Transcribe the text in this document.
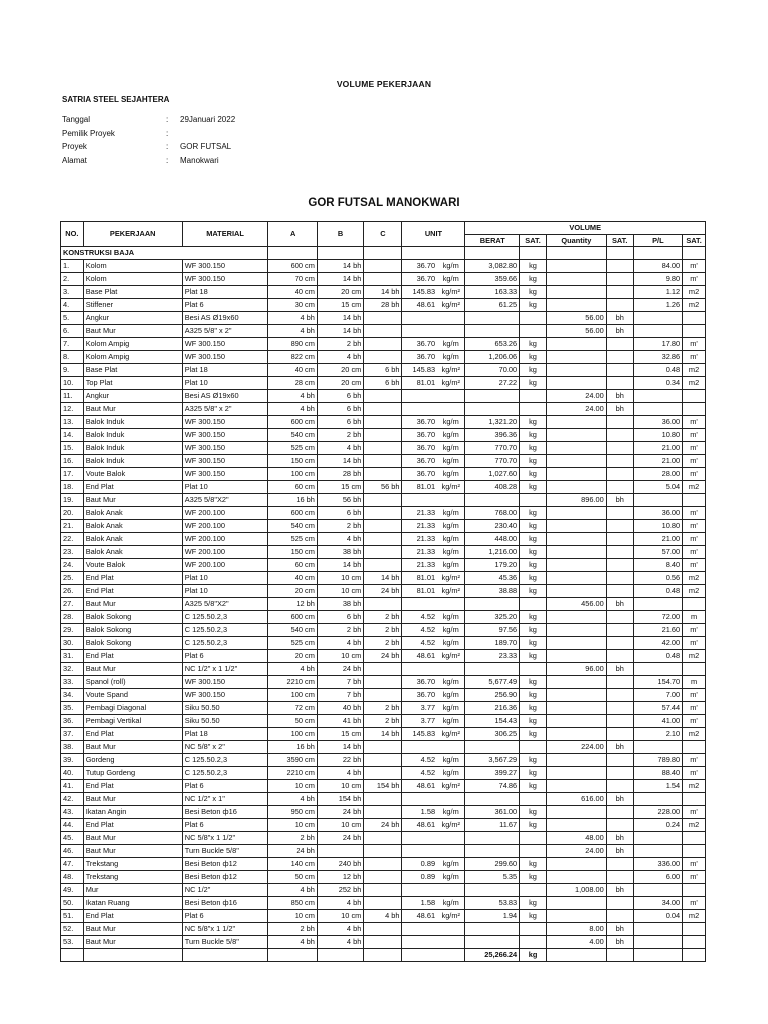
VOLUME PEKERJAAN
SATRIA STEEL SEJAHTERA
Tanggal	:	29Januari 2022
Pemilik Proyek	:
Proyek	:	GOR FUTSAL
Alamat	:	Manokwari
GOR FUTSAL MANOKWARI
NO.	PEKERJAAN	MATERIAL	A	B	C	UNIT		VOLUME					
								BERAT	SAT.	Quantity	SAT.	P/L	SAT.
KONSTRUKSI BAJA													
1.	Kolom	WF 300.150	600 cm	14 bh		36.70	kg/m	3,082.80	kg			84.00	m'
2.	Kolom	WF 300.150	70 cm	14 bh		36.70	kg/m	359.66	kg			9.80	m'
3.	Base Plat	Plat 18	40 cm	20 cm	14 bh	145.83	kg/m²	163.33	kg			1.12	m2
4.	Stiffener	Plat 6	30 cm	15 cm	28 bh	48.61	kg/m²	61.25	kg			1.26	m2
5.	Angkur	Besi AS Ø19x60	4 bh	14 bh						56.00	bh		
6.	Baut Mur	A325 5/8" x 2"	4 bh	14 bh						56.00	bh		
7.	Kolom Ampig	WF 300.150	890 cm	2 bh		36.70	kg/m	653.26	kg			17.80	m'
8.	Kolom Ampig	WF 300.150	822 cm	4 bh		36.70	kg/m	1,206.06	kg			32.86	m'
9.	Base Plat	Plat 18	40 cm	20 cm	6 bh	145.83	kg/m²	70.00	kg			0.48	m2
10.	Top Plat	Plat 10	28 cm	20 cm	6 bh	81.01	kg/m²	27.22	kg			0.34	m2
11.	Angkur	Besi AS Ø19x60	4 bh	6 bh						24.00	bh		
12.	Baut Mur	A325 5/8" x 2"	4 bh	6 bh						24.00	bh		
13.	Balok Induk	WF 300.150	600 cm	6 bh		36.70	kg/m	1,321.20	kg			36.00	m'
14.	Balok Induk	WF 300.150	540 cm	2 bh		36.70	kg/m	396.36	kg			10.80	m'
15.	Balok Induk	WF 300.150	525 cm	4 bh		36.70	kg/m	770.70	kg			21.00	m'
16.	Balok Induk	WF 300.150	150 cm	14 bh		36.70	kg/m	770.70	kg			21.00	m'
17.	Voute Balok	WF 300.150	100 cm	28 bh		36.70	kg/m	1,027.60	kg			28.00	m'
18.	End Plat	Plat 10	60 cm	15 cm	56 bh	81.01	kg/m²	408.28	kg			5.04	m2
19.	Baut Mur	A325 5/8"X2"	16 bh	56 bh						896.00	bh		
20.	Balok Anak	WF 200.100	600 cm	6 bh		21.33	kg/m	768.00	kg			36.00	m'
21.	Balok Anak	WF 200.100	540 cm	2 bh		21.33	kg/m	230.40	kg			10.80	m'
22.	Balok Anak	WF 200.100	525 cm	4 bh		21.33	kg/m	448.00	kg			21.00	m'
23.	Balok Anak	WF 200.100	150 cm	38 bh		21.33	kg/m	1,216.00	kg			57.00	m'
24.	Voute Balok	WF 200.100	60 cm	14 bh		21.33	kg/m	179.20	kg			8.40	m'
25.	End Plat	Plat 10	40 cm	10 cm	14 bh	81.01	kg/m²	45.36	kg			0.56	m2
26.	End Plat	Plat 10	20 cm	10 cm	24 bh	81.01	kg/m²	38.88	kg			0.48	m2
27.	Baut Mur	A325 5/8"X2"	12 bh	38 bh						456.00	bh		
28.	Balok Sokong	C 125.50.2,3	600 cm	6 bh	2 bh	4.52	kg/m	325.20	kg			72.00	m
29.	Balok Sokong	C 125.50.2,3	540 cm	2 bh	2 bh	4.52	kg/m	97.56	kg			21.60	m'
30.	Balok Sokong	C 125.50.2,3	525 cm	4 bh	2 bh	4.52	kg/m	189.70	kg			42.00	m'
31.	End Plat	Plat 6	20 cm	10 cm	24 bh	48.61	kg/m²	23.33	kg			0.48	m2
32.	Baut Mur	NC 1/2" x 1 1/2"	4 bh	24 bh						96.00	bh		
33.	Spanol (roll)	WF 300.150	2210 cm	7 bh		36.70	kg/m	5,677.49	kg			154.70	m
34.	Voute Spand	WF 300.150	100 cm	7 bh		36.70	kg/m	256.90	kg			7.00	m'
35.	Pembagi Diagonal	Siku 50.50	72 cm	40 bh	2 bh	3.77	kg/m	216.36	kg			57.44	m'
36.	Pembagi Vertikal	Siku 50.50	50 cm	41 bh	2 bh	3.77	kg/m	154.43	kg			41.00	m'
37.	End Plat	Plat 18	100 cm	15 cm	14 bh	145.83	kg/m²	306.25	kg			2.10	m2
38.	Baut Mur	NC 5/8" x 2"	16 bh	14 bh						224.00	bh		
39.	Gordeng	C 125.50.2,3	3590 cm	22 bh		4.52	kg/m	3,567.29	kg			789.80	m'
40.	Tutup Gordeng	C 125.50.2,3	2210 cm	4 bh		4.52	kg/m	399.27	kg			88.40	m'
41.	End Plat	Plat 6	10 cm	10 cm	154 bh	48.61	kg/m²	74.86	kg			1.54	m2
42.	Baut Mur	NC 1/2" x 1"	4 bh	154 bh						616.00	bh		
43.	Ikatan Angin	Besi Beton ф16	950 cm	24 bh		1.58	kg/m	361.00	kg			228.00	m'
44.	End Plat	Plat 6	10 cm	10 cm	24 bh	48.61	kg/m²	11.67	kg			0.24	m2
45.	Baut Mur	NC 5/8"x 1 1/2"	2 bh	24 bh						48.00	bh		
46.	Baut Mur	Turn Buckle 5/8"	24 bh							24.00	bh		
47.	Trekstang	Besi Beton ф12	140 cm	240 bh		0.89	kg/m	299.60	kg			336.00	m'
48.	Trekstang	Besi Beton ф12	50 cm	12 bh		0.89	kg/m	5.35	kg			6.00	m'
49.	Mur	NC 1/2"	4 bh	252 bh						1,008.00	bh		
50.	Ikatan Ruang	Besi Beton ф16	850 cm	4 bh		1.58	kg/m	53.83	kg			34.00	m'
51.	End Plat	Plat 6	10 cm	10 cm	4 bh	48.61	kg/m²	1.94	kg			0.04	m2
52.	Baut Mur	NC 5/8"x 1 1/2"	2 bh	4 bh						8.00	bh		
53.	Baut Mur	Turn Buckle 5/8"	4 bh	4 bh						4.00	bh		
								25,266.24	kg				
